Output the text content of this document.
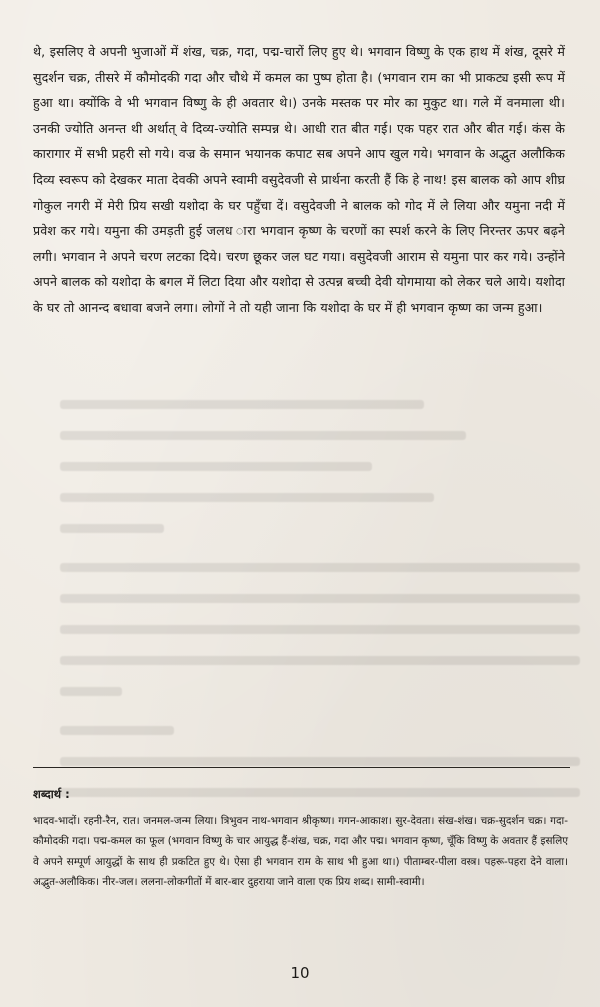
थे, इसलिए वे अपनी भुजाओं में शंख, चक्र, गदा, पद्म-चारों लिए हुए थे। भगवान विष्णु के एक हाथ में शंख, दूसरे में सुदर्शन चक्र, तीसरे में कौमोदकी गदा और चौथे में कमल का पुष्प होता है। (भगवान राम का भी प्राकट्य इसी रूप में हुआ था। क्योंकि वे भी भगवान विष्णु के ही अवतार थे।) उनके मस्तक पर मोर का मुकुट था। गले में वनमाला थी। उनकी ज्योति अनन्त थी अर्थात् वे दिव्य-ज्योति सम्पन्न थे। आधी रात बीत गई। एक पहर रात और बीत गई। कंस के कारागार में सभी प्रहरी सो गये। वज्र के समान भयानक कपाट सब अपने आप खुल गये। भगवान के अद्भुत अलौकिक दिव्य स्वरूप को देखकर माता देवकी अपने स्वामी वसुदेवजी से प्रार्थना करती हैं कि हे नाथ! इस बालक को आप शीघ्र गोकुल नगरी में मेरी प्रिय सखी यशोदा के घर पहुँचा दें। वसुदेवजी ने बालक को गोद में ले लिया और यमुना नदी में प्रवेश कर गये। यमुना की उमड़ती हुई जलध ारा भगवान कृष्ण के चरणों का स्पर्श करने के लिए निरन्तर ऊपर बढ़ने लगी। भगवान ने अपने चरण लटका दिये। चरण छूकर जल घट गया। वसुदेवजी आराम से यमुना पार कर गये। उन्होंने अपने बालक को यशोदा के बगल में लिटा दिया और यशोदा से उत्पन्न बच्ची देवी योगमाया को लेकर चले आये। यशोदा के घर तो आनन्द बधावा बजने लगा। लोगों ने तो यही जाना कि यशोदा के घर में ही भगवान कृष्ण का जन्म हुआ।
शब्दार्थ :
भादव-भादों। रहनी-रैन, रात। जनमल-जन्म लिया। त्रिभुवन नाथ-भगवान श्रीकृष्ण। गगन-आकाश। सुर-देवता। संख-शंख। चक्र-सुदर्शन चक्र। गदा-कौमोदकी गदा। पद्म-कमल का फूल (भगवान विष्णु के चार आयुद्ध हैं-शंख, चक्र, गदा और पद्म। भगवान कृष्ण, चूँकि विष्णु के अवतार हैं इसलिए वे अपने सम्पूर्ण आयुद्धों के साथ ही प्रकटित हुए थे। ऐसा ही भगवान राम के साथ भी हुआ था।) पीताम्बर-पीला वस्त्र। पहरू-पहरा देने वाला। अद्भुत-अलौकिक। नीर-जल। ललना-लोकगीतों में बार-बार दुहराया जाने वाला एक प्रिय शब्द। सामी-स्वामी।
10
